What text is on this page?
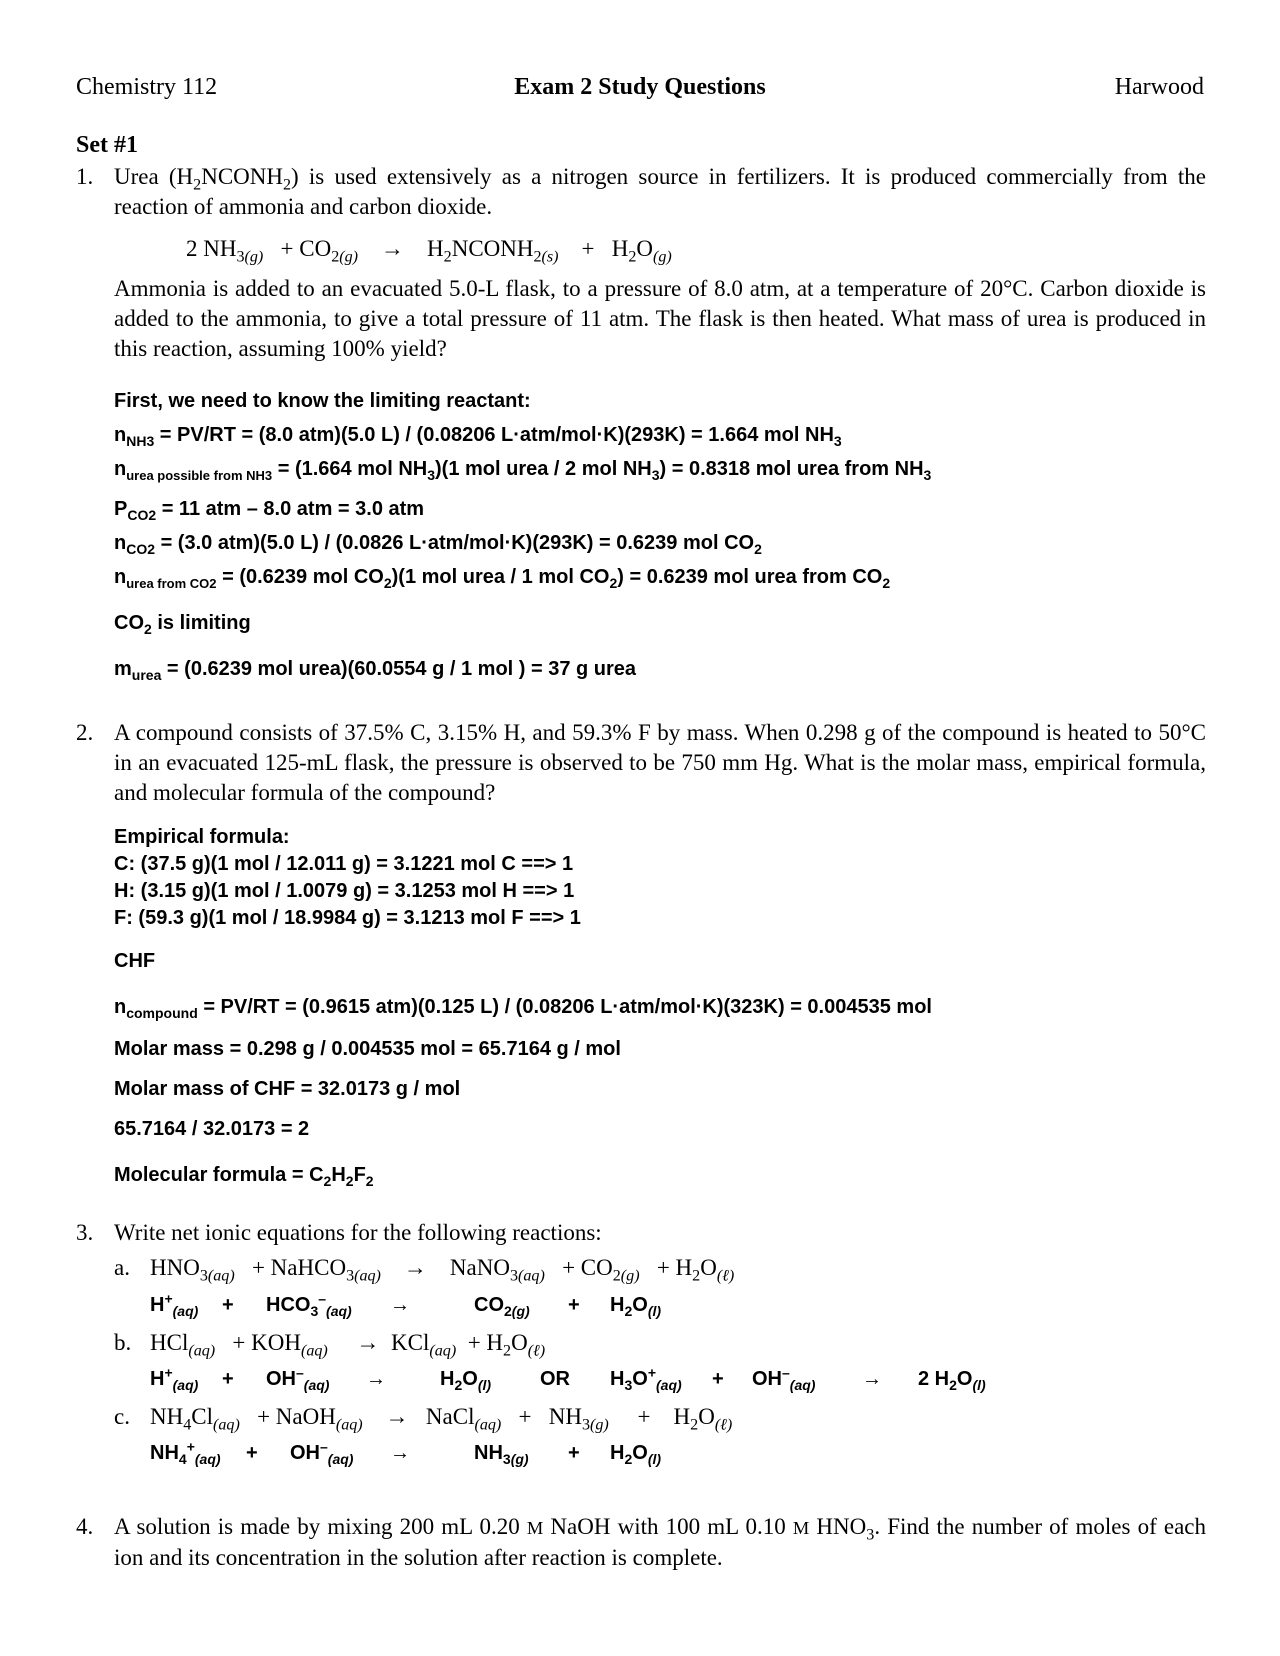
Chemistry 112	Exam 2 Study Questions	Harwood
Set #1
1. Urea $(H_2NCONH_2)$ is used extensively as a nitrogen source in fertilizers. It is produced commercially from the reaction of ammonia and carbon dioxide.
2 $NH_{3(g)} + CO_{2(g)}$    →    $H_2NCONH_{2(s)}$    +   $H_2O_{(g)}$
Ammonia is added to an evacuated 5.0-L flask, to a pressure of 8.0 atm, at a temperature of 20°C. Carbon dioxide is added to the ammonia, to give a total pressure of 11 atm. The flask is then heated. What mass of urea is produced in this reaction, assuming 100% yield?
First, we need to know the limiting reactant:
$n_{NH3} = PV/RT = (8.0$ atm)(5.0 L) / (0.08206 L·atm/mol·K)(293K) = 1.664 mol $NH_3$
$n_{urea possible from NH3} = (1.664$ mol $NH_3)(1$ mol urea / 2 mol $NH_3) = 0.8318$ mol urea from $NH_3$
$P_{CO2} = 11$ atm – 8.0 atm = 3.0 atm
$n_{CO2} = (3.0$ atm)(5.0 L) / (0.0826 L·atm/mol·K)(293K) = 0.6239 mol $CO_2$
$n_{urea from CO2} = (0.6239$ mol $CO_2)(1$ mol urea / 1 mol $CO_2) = 0.6239$ mol urea from $CO_2$
$CO_2$ is limiting
$m_{urea} = (0.6239$ mol urea)(60.0554 g / 1 mol ) = 37 g urea
2. A compound consists of 37.5% C, 3.15% H, and 59.3% F by mass. When 0.298 g of the compound is heated to 50°C in an evacuated 125-mL flask, the pressure is observed to be 750 mm Hg. What is the molar mass, empirical formula, and molecular formula of the compound?
Empirical formula:
C: (37.5 g)(1 mol / 12.011 g) = 3.1221 mol C ==> 1
H: (3.15 g)(1 mol / 1.0079 g) = 3.1253 mol H ==> 1
F: (59.3 g)(1 mol / 18.9984 g) = 3.1213 mol F ==> 1
CHF
$n_{compound} = PV/RT = (0.9615$ atm)(0.125 L) / (0.08206 L·atm/mol·K)(323K) = 0.004535 mol
Molar mass = 0.298 g / 0.004535 mol = 65.7164 g / mol
Molar mass of CHF = 32.0173 g / mol
65.7164 / 32.0173 = 2
Molecular formula = $C_2H_2F_2$
3. Write net ionic equations for the following reactions:
a. $HNO_{3(aq)}$   + NaHCO$_{3(aq)}$    →    NaNO$_{3(aq)}$   + $CO_{2(g)} + H_2O_{(\ell)}$
$H^+_{(aq)} + HCO_3^-_{(aq)}$ →	$CO_{2(g)} + H_2O_{(l)}$
b. $HCl_{(aq)} + KOH_{(aq)}$     →  $KCl_{(aq)} + H_2O_{(\ell)}$
$H^+_{(aq)} + OH^-_{(aq)}$ →	$H_2O_{(l)}$ OR $H_3O^+_{(aq)} + OH^-_{(aq)} \to 2$ $H_2O_{(l)}$
c. $NH_4Cl_{(aq)}$   + NaOH$_{(aq)}$    →   NaCl$_{(aq)}$   +   $NH_{3(g)}$     +    $H_2O_{(\ell)}$
$NH_4^+_{(aq)} + OH^-_{(aq)}$ →	$NH_{3(g)} + H_2O_{(l)}$
4. A solution is made by mixing 200 mL 0.20 M NaOH with 100 mL 0.10 M $HNO_3$. Find the number of moles of each ion and its concentration in the solution after reaction is complete.
